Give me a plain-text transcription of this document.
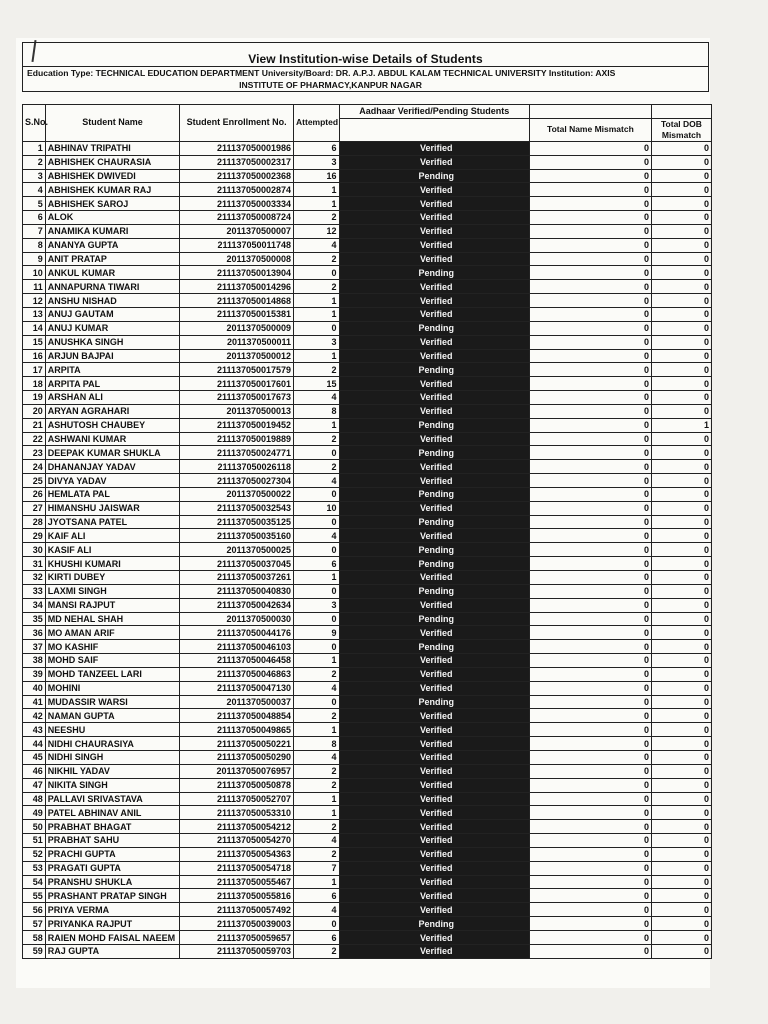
View Institution-wise Details of Students
Education Type: TECHNICAL EDUCATION DEPARTMENT University/Board: DR. A.P.J. ABDUL KALAM TECHNICAL UNIVERSITY Institution: AXIS
INSTITUTE OF PHARMACY,KANPUR NAGAR
S.No.	Student Name	Student Enrollment No.	Attempted	Aadhaar Verified/Pending Students		
					Total Name Mismatch	Total DOB Mismatch
1	ABHINAV TRIPATHI	211137050001986	6	Verified	0	0
2	ABHISHEK CHAURASIA	211137050002317	3	Verified	0	0
3	ABHISHEK DWIVEDI	211137050002368	16	Pending	0	0
4	ABHISHEK KUMAR RAJ	211137050002874	1	Verified	0	0
5	ABHISHEK SAROJ	211137050003334	1	Verified	0	0
6	ALOK	211137050008724	2	Verified	0	0
7	ANAMIKA KUMARI	2011370500007	12	Verified	0	0
8	ANANYA GUPTA	211137050011748	4	Verified	0	0
9	ANIT PRATAP	2011370500008	2	Verified	0	0
10	ANKUL KUMAR	211137050013904	0	Pending	0	0
11	ANNAPURNA TIWARI	211137050014296	2	Verified	0	0
12	ANSHU NISHAD	211137050014868	1	Verified	0	0
13	ANUJ GAUTAM	211137050015381	1	Verified	0	0
14	ANUJ KUMAR	2011370500009	0	Pending	0	0
15	ANUSHKA SINGH	2011370500011	3	Verified	0	0
16	ARJUN BAJPAI	2011370500012	1	Verified	0	0
17	ARPITA	211137050017579	2	Pending	0	0
18	ARPITA PAL	211137050017601	15	Verified	0	0
19	ARSHAN ALI	211137050017673	4	Verified	0	0
20	ARYAN AGRAHARI	2011370500013	8	Verified	0	0
21	ASHUTOSH CHAUBEY	211137050019452	1	Pending	0	1
22	ASHWANI KUMAR	211137050019889	2	Verified	0	0
23	DEEPAK KUMAR SHUKLA	211137050024771	0	Pending	0	0
24	DHANANJAY YADAV	211137050026118	2	Verified	0	0
25	DIVYA YADAV	211137050027304	4	Verified	0	0
26	HEMLATA PAL	2011370500022	0	Pending	0	0
27	HIMANSHU JAISWAR	211137050032543	10	Verified	0	0
28	JYOTSANA PATEL	211137050035125	0	Pending	0	0
29	KAIF ALI	211137050035160	4	Verified	0	0
30	KASIF ALI	2011370500025	0	Pending	0	0
31	KHUSHI KUMARI	211137050037045	6	Pending	0	0
32	KIRTI DUBEY	211137050037261	1	Verified	0	0
33	LAXMI SINGH	211137050040830	0	Pending	0	0
34	MANSI RAJPUT	211137050042634	3	Verified	0	0
35	MD NEHAL SHAH	2011370500030	0	Pending	0	0
36	MO AMAN ARIF	211137050044176	9	Verified	0	0
37	MO KASHIF	211137050046103	0	Pending	0	0
38	MOHD SAIF	211137050046458	1	Verified	0	0
39	MOHD TANZEEL LARI	211137050046863	2	Verified	0	0
40	MOHINI	211137050047130	4	Verified	0	0
41	MUDASSIR WARSI	2011370500037	0	Pending	0	0
42	NAMAN GUPTA	211137050048854	2	Verified	0	0
43	NEESHU	211137050049865	1	Verified	0	0
44	NIDHI CHAURASIYA	211137050050221	8	Verified	0	0
45	NIDHI SINGH	211137050050290	4	Verified	0	0
46	NIKHIL YADAV	201137050076957	2	Verified	0	0
47	NIKITA SINGH	211137050050878	2	Verified	0	0
48	PALLAVI SRIVASTAVA	211137050052707	1	Verified	0	0
49	PATEL ABHINAV ANIL	211137050053310	1	Verified	0	0
50	PRABHAT BHAGAT	211137050054212	2	Verified	0	0
51	PRABHAT SAHU	211137050054270	4	Verified	0	0
52	PRACHI GUPTA	211137050054363	2	Verified	0	0
53	PRAGATI GUPTA	211137050054718	7	Verified	0	0
54	PRANSHU SHUKLA	211137050055467	1	Verified	0	0
55	PRASHANT PRATAP SINGH	211137050055816	6	Verified	0	0
56	PRIYA VERMA	211137050057492	4	Verified	0	0
57	PRIYANKA RAJPUT	211137050039003	0	Pending	0	0
58	RAIEN MOHD FAISAL NAEEM	211137050059657	6	Verified	0	0
59	RAJ GUPTA	211137050059703	2	Verified	0	0
